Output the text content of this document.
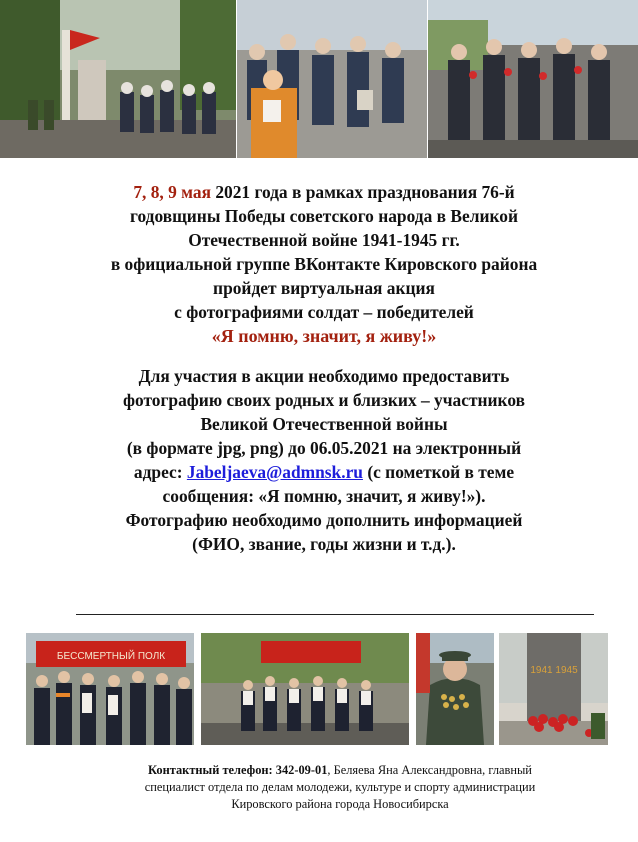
7, 8, 9 мая 2021 года в рамках празднования 76-й

годовщины Победы советского народа в Великой

Отечественной войне 1941-1945 гг.

в официальной группе ВКонтакте Кировского района

пройдет виртуальная акция

с фотографиями солдат – победителей

«Я помню, значит, я живу!»

Для участия в акции необходимо предоставить

фотографию своих родных и близких – участников

Великой Отечественной войны

(в формате jpg, png) до 06.05.2021 на электронный

адрес: Jabeljaeva@admnsk.ru (с пометкой в теме

сообщения: «Я помню, значит, я живу!»).

Фотографию необходимо дополнить информацией

(ФИО, звание, годы жизни и т.д.).

БЕССМЕРТНЫЙ ПОЛК
1941 1945

Контактный телефон: 342-09-01, Беляева Яна Александровна, главный

специалист отдела по делам молодежи, культуре и спорту администрации

Кировского района города Новосибирска
